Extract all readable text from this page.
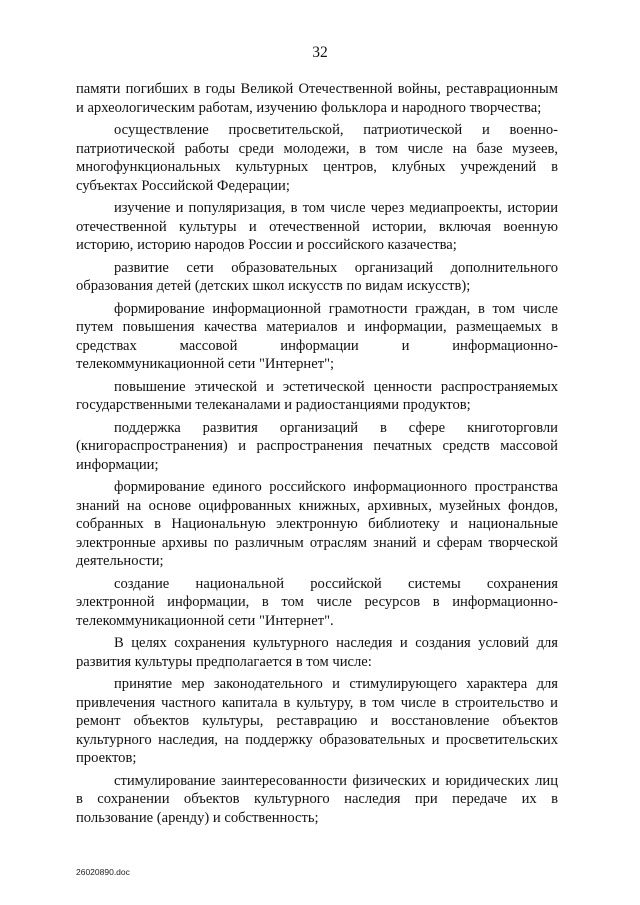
32
памяти погибших в годы Великой Отечественной войны, реставрационным
и археологическим работам, изучению фольклора и народного творчества;
осуществление просветительской, патриотической и военно-
патриотической работы среди молодежи, в том числе на базе музеев,
многофункциональных культурных центров, клубных учреждений в
субъектах Российской Федерации;
изучение и популяризация, в том числе через медиапроекты, истории
отечественной культуры и отечественной истории, включая военную
историю, историю народов России и российского казачества;
развитие сети образовательных организаций дополнительного
образования детей (детских школ искусств по видам искусств);
формирование информационной грамотности граждан, в том числе
путем повышения качества материалов и информации, размещаемых в
средствах массовой информации и информационно-
телекоммуникационной сети "Интернет";
повышение этической и эстетической ценности распространяемых
государственными телеканалами и радиостанциями продуктов;
поддержка развития организаций в сфере книготорговли
(книгораспространения) и распространения печатных средств массовой
информации;
формирование единого российского информационного пространства
знаний на основе оцифрованных книжных, архивных, музейных фондов,
собранных в Национальную электронную библиотеку и национальные
электронные архивы по различным отраслям знаний и сферам творческой
деятельности;
создание национальной российской системы сохранения
электронной информации, в том числе ресурсов в информационно-
телекоммуникационной сети "Интернет".
В целях сохранения культурного наследия и создания условий для
развития культуры предполагается в том числе:
принятие мер законодательного и стимулирующего характера для
привлечения частного капитала в культуру, в том числе в строительство и
ремонт объектов культуры, реставрацию и восстановление объектов
культурного наследия, на поддержку образовательных и просветительских
проектов;
стимулирование заинтересованности физических и юридических лиц
в сохранении объектов культурного наследия при передаче их в
пользование (аренду) и собственность;
26020890.doc
